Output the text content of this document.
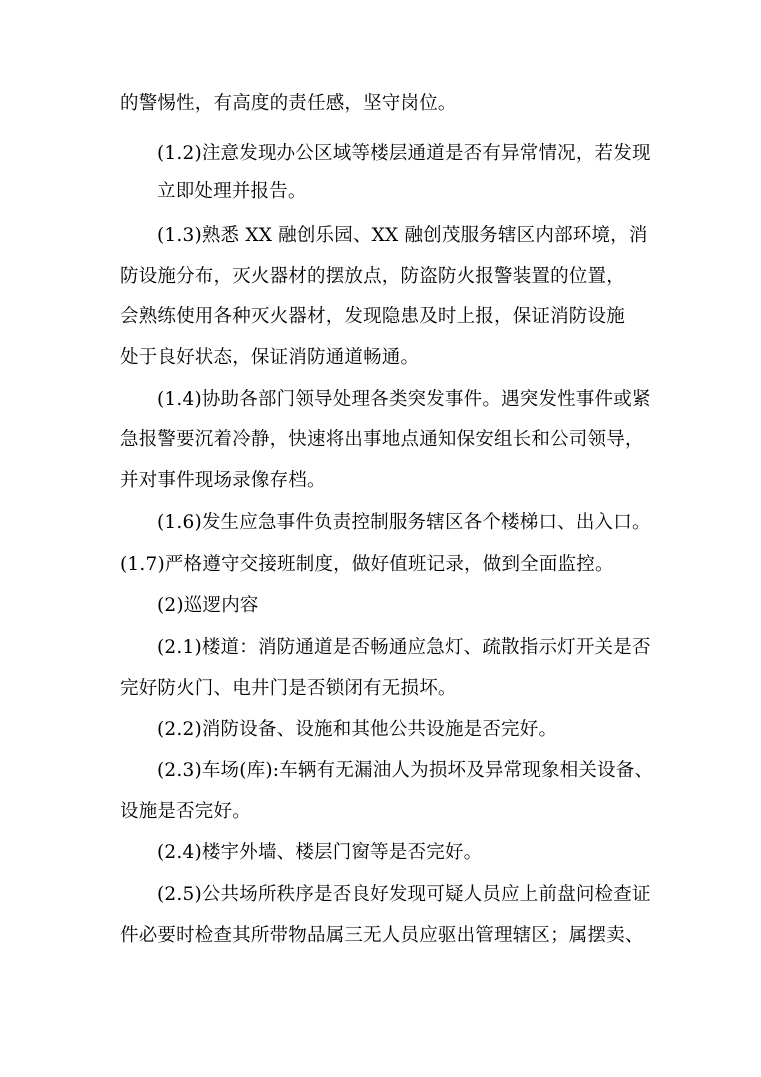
的警惕性，有高度的责任感，坚守岗位。
(1.2)注意发现办公区域等楼层通道是否有异常情况，若发现
立即处理并报告。
(1.3)熟悉 XX 融创乐园、XX 融创茂服务辖区内部环境，消
防设施分布，灭火器材的摆放点，防盗防火报警装置的位置，
会熟练使用各种灭火器材，发现隐患及时上报，保证消防设施
处于良好状态，保证消防通道畅通。
(1.4)协助各部门领导处理各类突发事件。遇突发性事件或紧
急报警要沉着冷静，快速将出事地点通知保安组长和公司领导，
并对事件现场录像存档。
(1.6)发生应急事件负责控制服务辖区各个楼梯口、出入口。
(1.7)严格遵守交接班制度，做好值班记录，做到全面监控。
(2)巡逻内容
(2.1)楼道：消防通道是否畅通应急灯、疏散指示灯开关是否
完好防火门、电井门是否锁闭有无损坏。
(2.2)消防设备、设施和其他公共设施是否完好。
(2.3)车场(库):车辆有无漏油人为损坏及异常现象相关设备、
设施是否完好。
(2.4)楼宇外墙、楼层门窗等是否完好。
(2.5)公共场所秩序是否良好发现可疑人员应上前盘问检查证
件必要时检查其所带物品属三无人员应驱出管理辖区；属摆卖、
